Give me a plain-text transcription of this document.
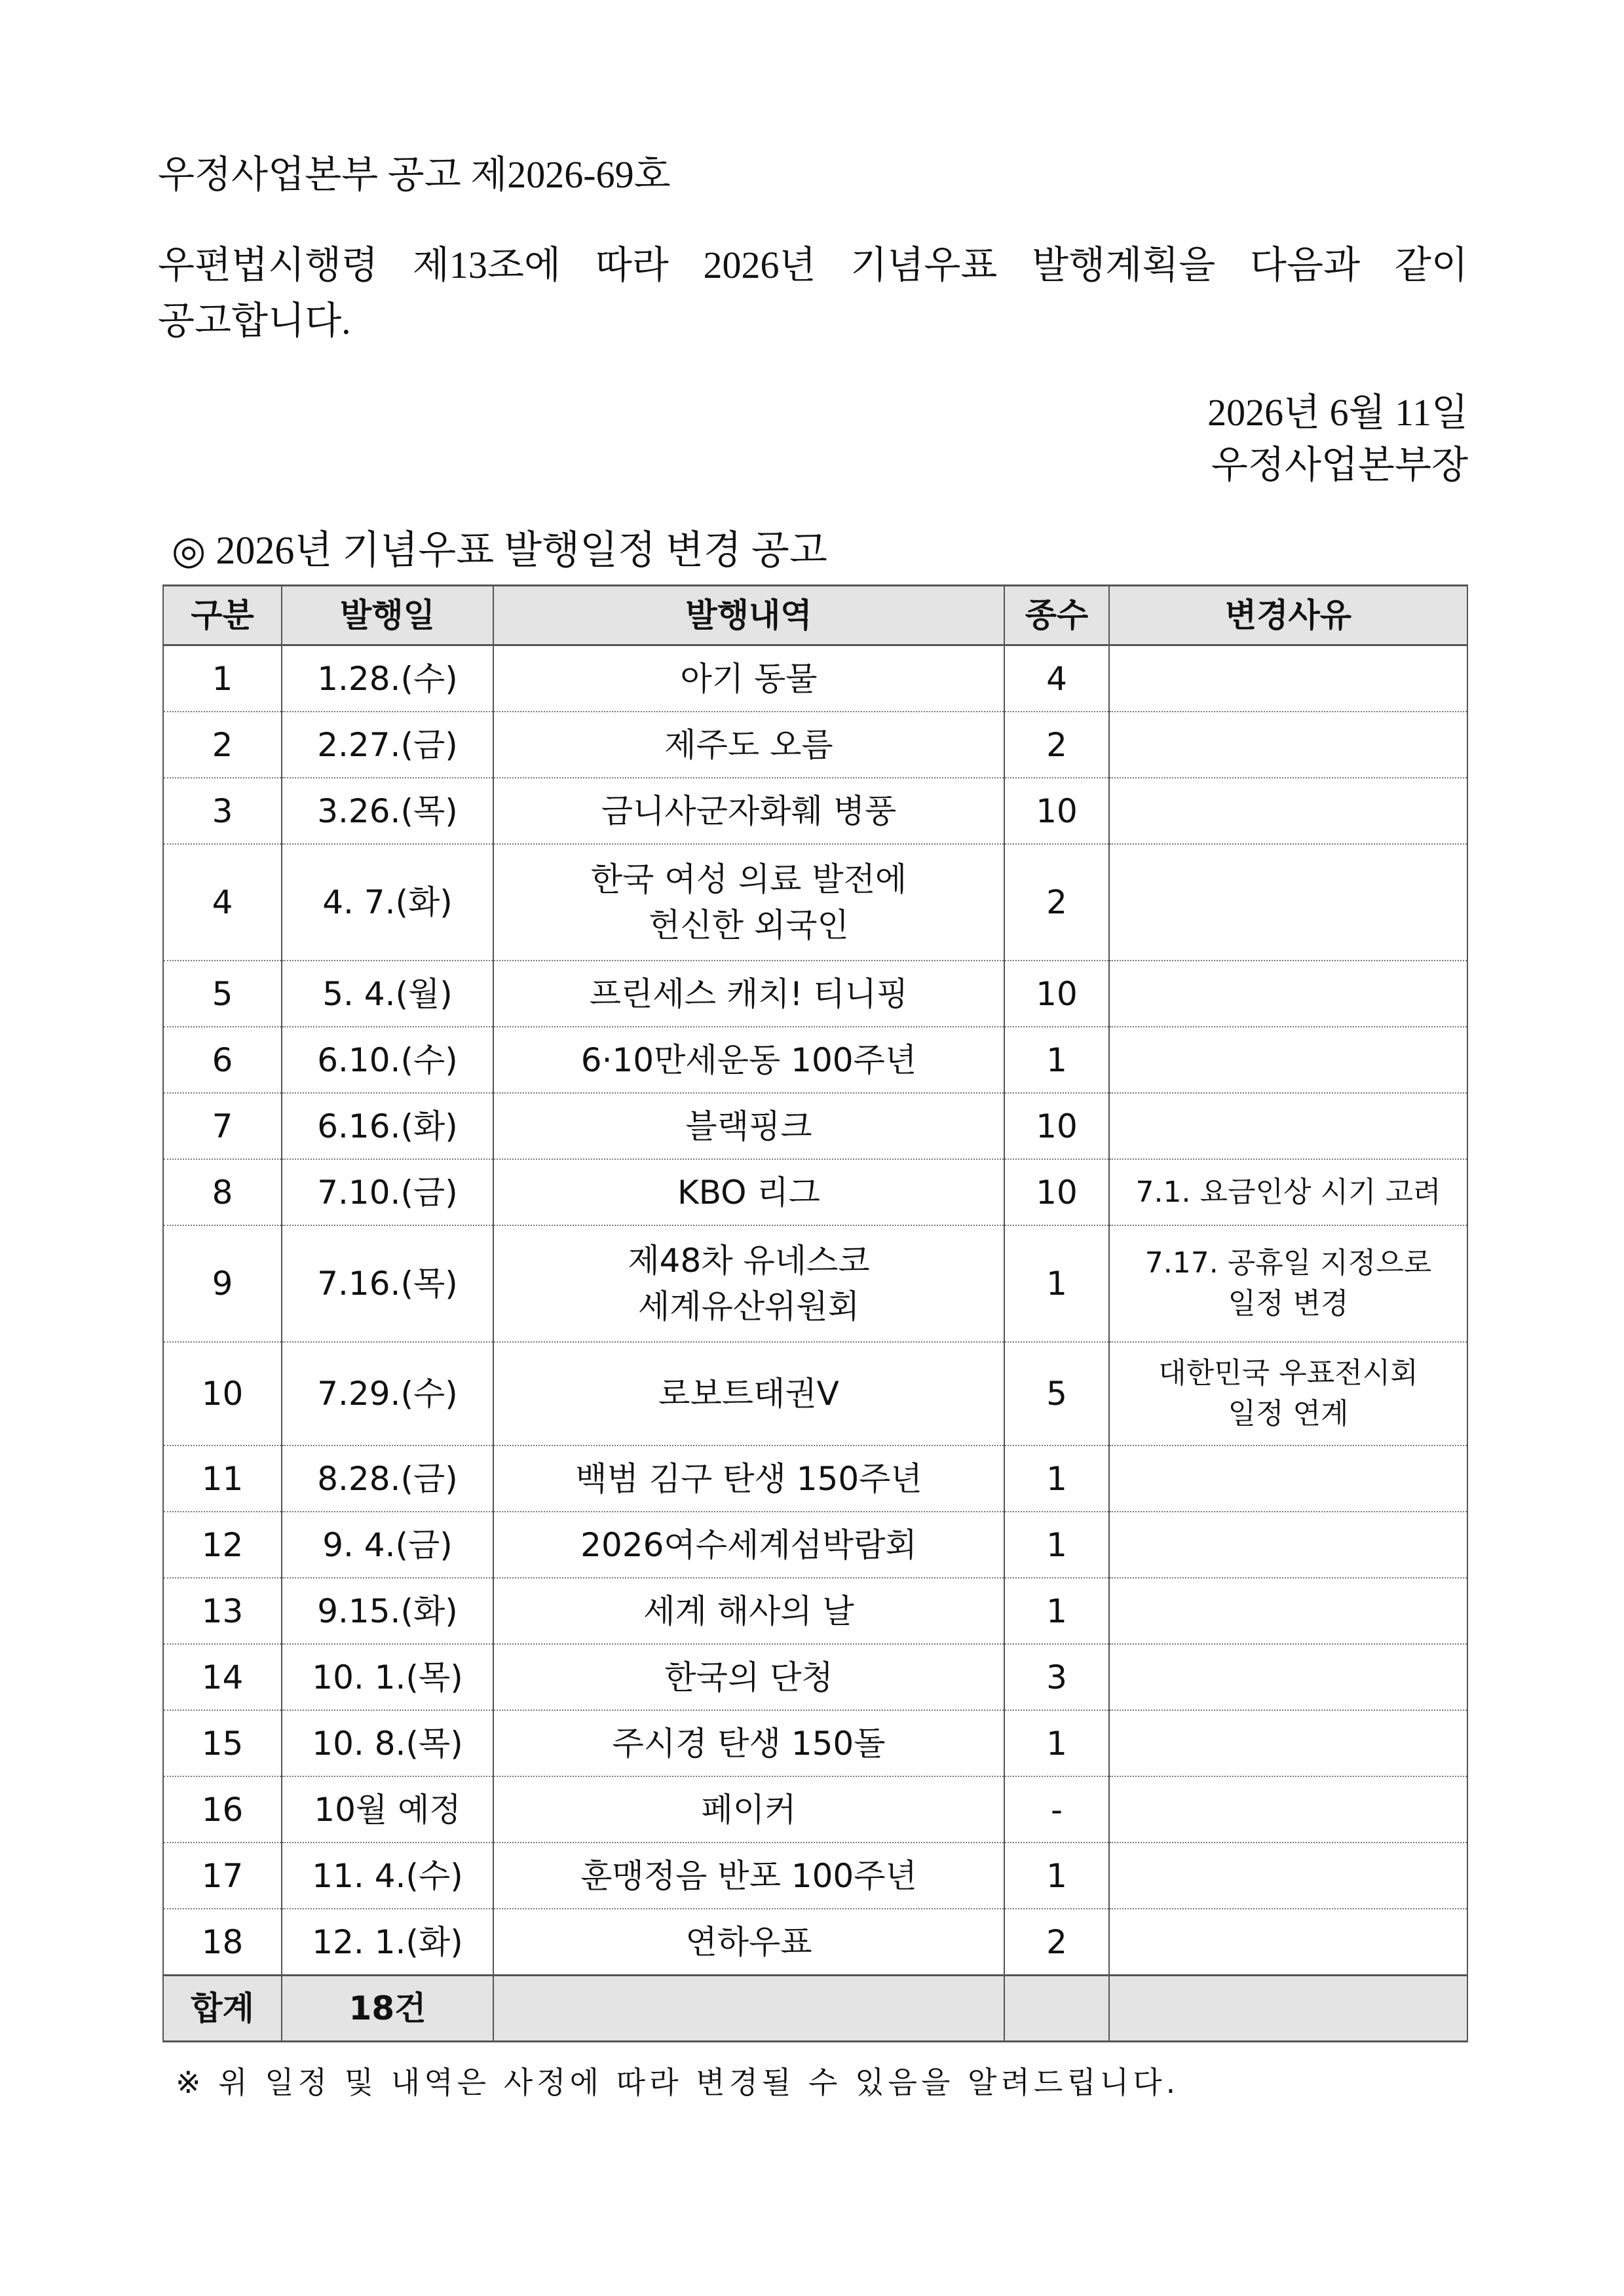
우정사업본부 공고 제2026-69호
우편법시행령 제13조에 따라 2026년 기념우표 발행계획을 다음과 같이
공고합니다.
2026년 6월 11일
우정사업본부장
◎ 2026년 기념우표 발행일정 변경 공고
구분	발행일	발행내역	종수	변경사유
1	1.28.(수)	아기 동물	4	
2	2.27.(금)	제주도 오름	2	
3	3.26.(목)	금니사군자화훼 병풍	10	
4	4. 7.(화)	한국 여성 의료 발전에
헌신한 외국인	2	
5	5. 4.(월)	프린세스 캐치! 티니핑	10	
6	6.10.(수)	6·10만세운동 100주년	1	
7	6.16.(화)	블랙핑크	10	
8	7.10.(금)	KBO 리그	10	7.1. 요금인상 시기 고려
9	7.16.(목)	제48차 유네스코
세계유산위원회	1	7.17. 공휴일 지정으로
일정 변경
10	7.29.(수)	로보트태권V	5	대한민국 우표전시회
일정 연계
11	8.28.(금)	백범 김구 탄생 150주년	1	
12	9. 4.(금)	2026여수세계섬박람회	1	
13	9.15.(화)	세계 해사의 날	1	
14	10. 1.(목)	한국의 단청	3	
15	10. 8.(목)	주시경 탄생 150돌	1	
16	10월 예정	페이커	-	
17	11. 4.(수)	훈맹정음 반포 100주년	1	
18	12. 1.(화)	연하우표	2	
합계	18건			
※ 위 일정 및 내역은 사정에 따라 변경될 수 있음을 알려드립니다.
